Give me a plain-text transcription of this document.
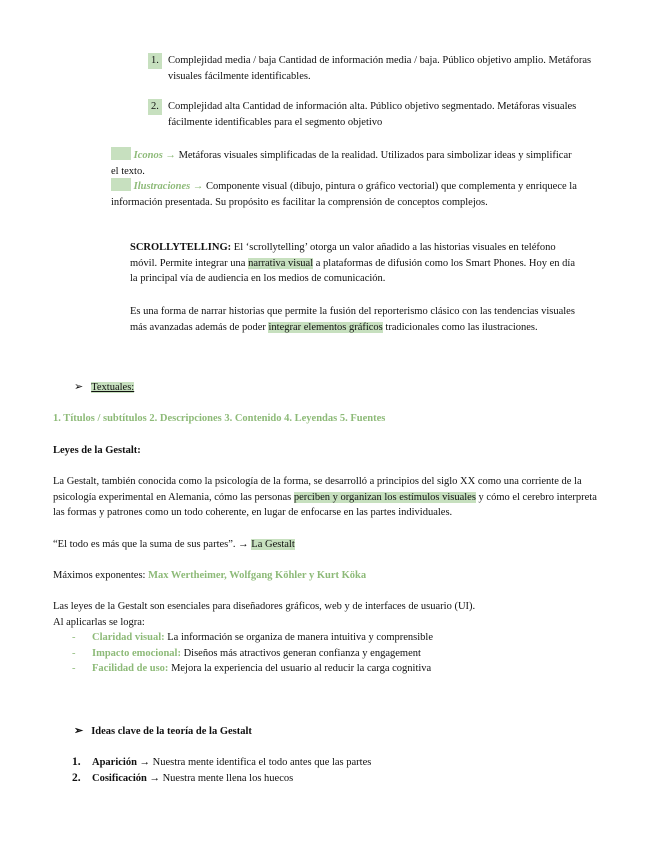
1. Complejidad media / baja Cantidad de información media / baja. Público objetivo amplio. Metáforas visuales fácilmente identificables.
2. Complejidad alta Cantidad de información alta. Público objetivo segmentado. Metáforas visuales fácilmente identificables para el segmento objetivo
Iconos → Metáforas visuales simplificadas de la realidad. Utilizados para simbolizar ideas y simplificar el texto.
Ilustraciones → Componente visual (dibujo, pintura o gráfico vectorial) que complementa y enriquece la información presentada. Su propósito es facilitar la comprensión de conceptos complejos.
SCROLLYTELLING: El ‘scrollytelling’ otorga un valor añadido a las historias visuales en teléfono móvil. Permite integrar una narrativa visual a plataformas de difusión como los Smart Phones. Hoy en día la principal vía de audiencia en los medios de comunicación.
Es una forma de narrar historias que permite la fusión del reporterismo clásico con las tendencias visuales más avanzadas además de poder integrar elementos gráficos tradicionales como las ilustraciones.
➢ Textuales:
1. Títulos / subtítulos 2. Descripciones 3. Contenido 4. Leyendas 5. Fuentes
Leyes de la Gestalt:
La Gestalt, también conocida como la psicología de la forma, se desarrolló a principios del siglo XX como una corriente de la psicología experimental en Alemania, cómo las personas perciben y organizan los estímulos visuales y cómo el cerebro interpreta las formas y patrones como un todo coherente, en lugar de enfocarse en las partes individuales.
“El todo es más que la suma de sus partes”. → La Gestalt
Máximos exponentes: Max Wertheimer, Wolfgang Köhler y Kurt Köka
Las leyes de la Gestalt son esenciales para diseñadores gráficos, web y de interfaces de usuario (UI).
Al aplicarlas se logra:
- Claridad visual: La información se organiza de manera intuitiva y comprensible
- Impacto emocional: Diseños más atractivos generan confianza y engagement
- Facilidad de uso: Mejora la experiencia del usuario al reducir la carga cognitiva
➢ Ideas clave de la teoría de la Gestalt
1. Aparición → Nuestra mente identifica el todo antes que las partes
2. Cosificación → Nuestra mente llena los huecos
